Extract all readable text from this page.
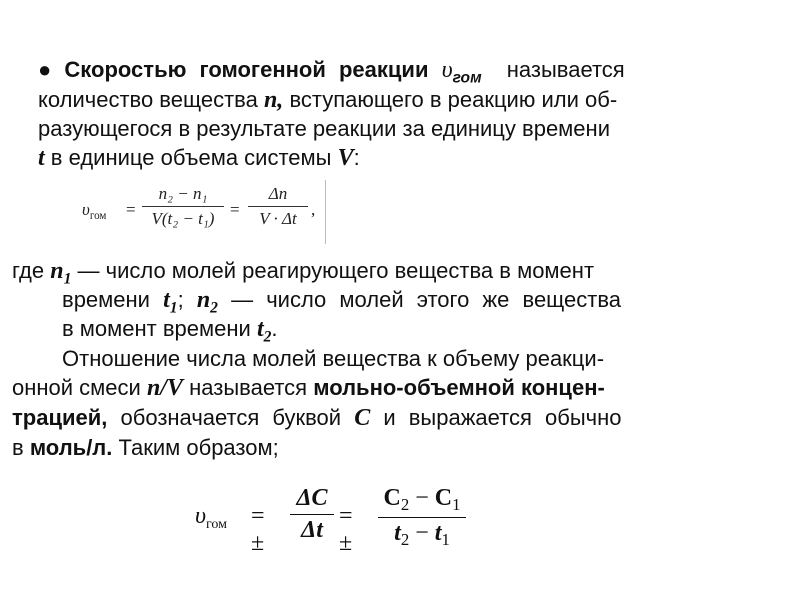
● Скоростью гомогенной реакции $\upsilon_{гом}$ называется
количество вещества n, вступающего в реакцию или об-
разующегося в результате реакции за единицу времени
t в единице объема системы V:
$\upsilon_{гом} = \frac{\text{n₂ − n₁}}{\text{V(t₂ − t₁)}} = \frac{\Delta n}{V \cdot \Delta t}$ ,
где $n_1$ — число молей реагирующего вещества в момент
времени $t_1$; $n_2$ — число молей этого же вещества
в момент времени $t_2$.
Отношение числа молей вещества к объему реакци-
онной смеси n/V называется мольно-объемной концен-
трацией, обозначается буквой C и выражается обычно
в моль/л. Таким образом;
$\upsilon_{гом}$ = ± $\frac{\Delta C}{\Delta t}$ = ± $\frac{C_2 - C_1}{t_2 - t_1}$
